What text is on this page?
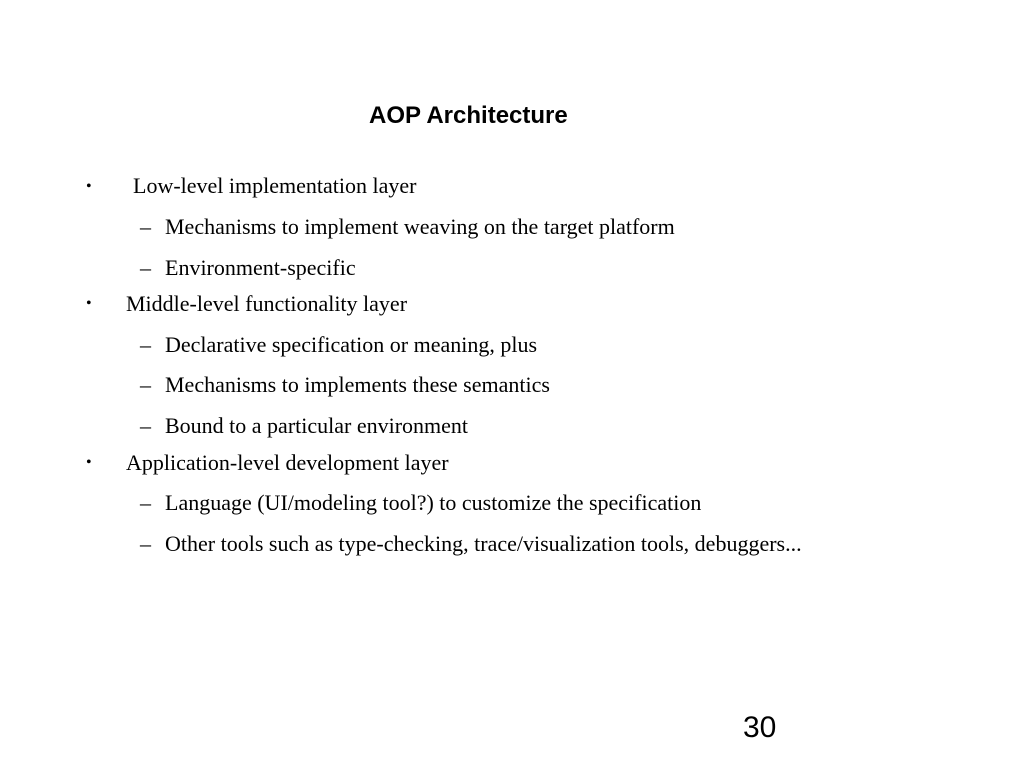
AOP Architecture
• Low-level implementation layer
– Mechanisms to implement weaving on the target platform
– Environment-specific
• Middle-level functionality layer
– Declarative specification or meaning, plus
– Mechanisms to implements these semantics
– Bound to a particular environment
• Application-level development layer
– Language (UI/modeling tool?) to customize the specification
– Other tools such as type-checking, trace/visualization tools, debuggers...
30
